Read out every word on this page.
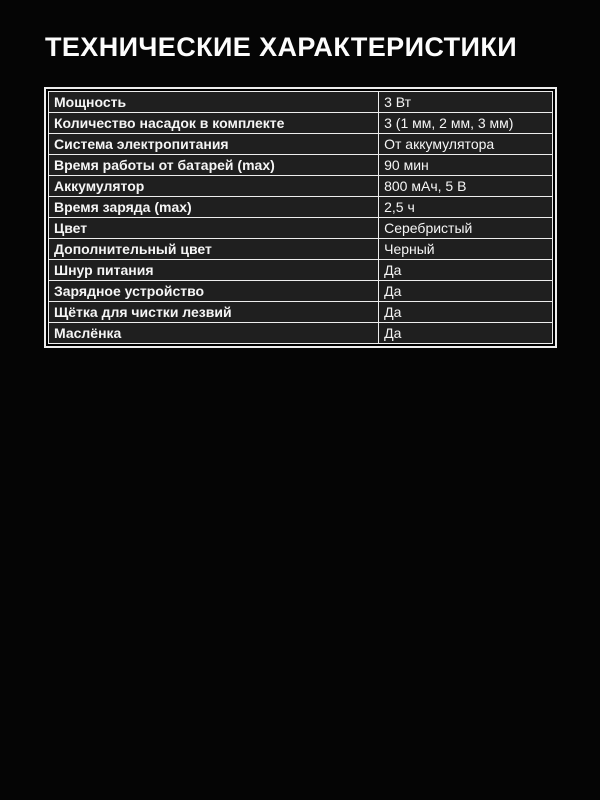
ТЕХНИЧЕСКИЕ ХАРАКТЕРИСТИКИ
Мощность	3 Вт
Количество насадок в комплекте	3 (1 мм, 2 мм, 3 мм)
Система электропитания	От аккумулятора
Время работы от батарей (max)	90 мин
Аккумулятор	800 мАч, 5 В
Время заряда (max)	2,5 ч
Цвет	Серебристый
Дополнительный цвет	Черный
Шнур питания	Да
Зарядное устройство	Да
Щётка для чистки лезвий	Да
Маслёнка	Да
